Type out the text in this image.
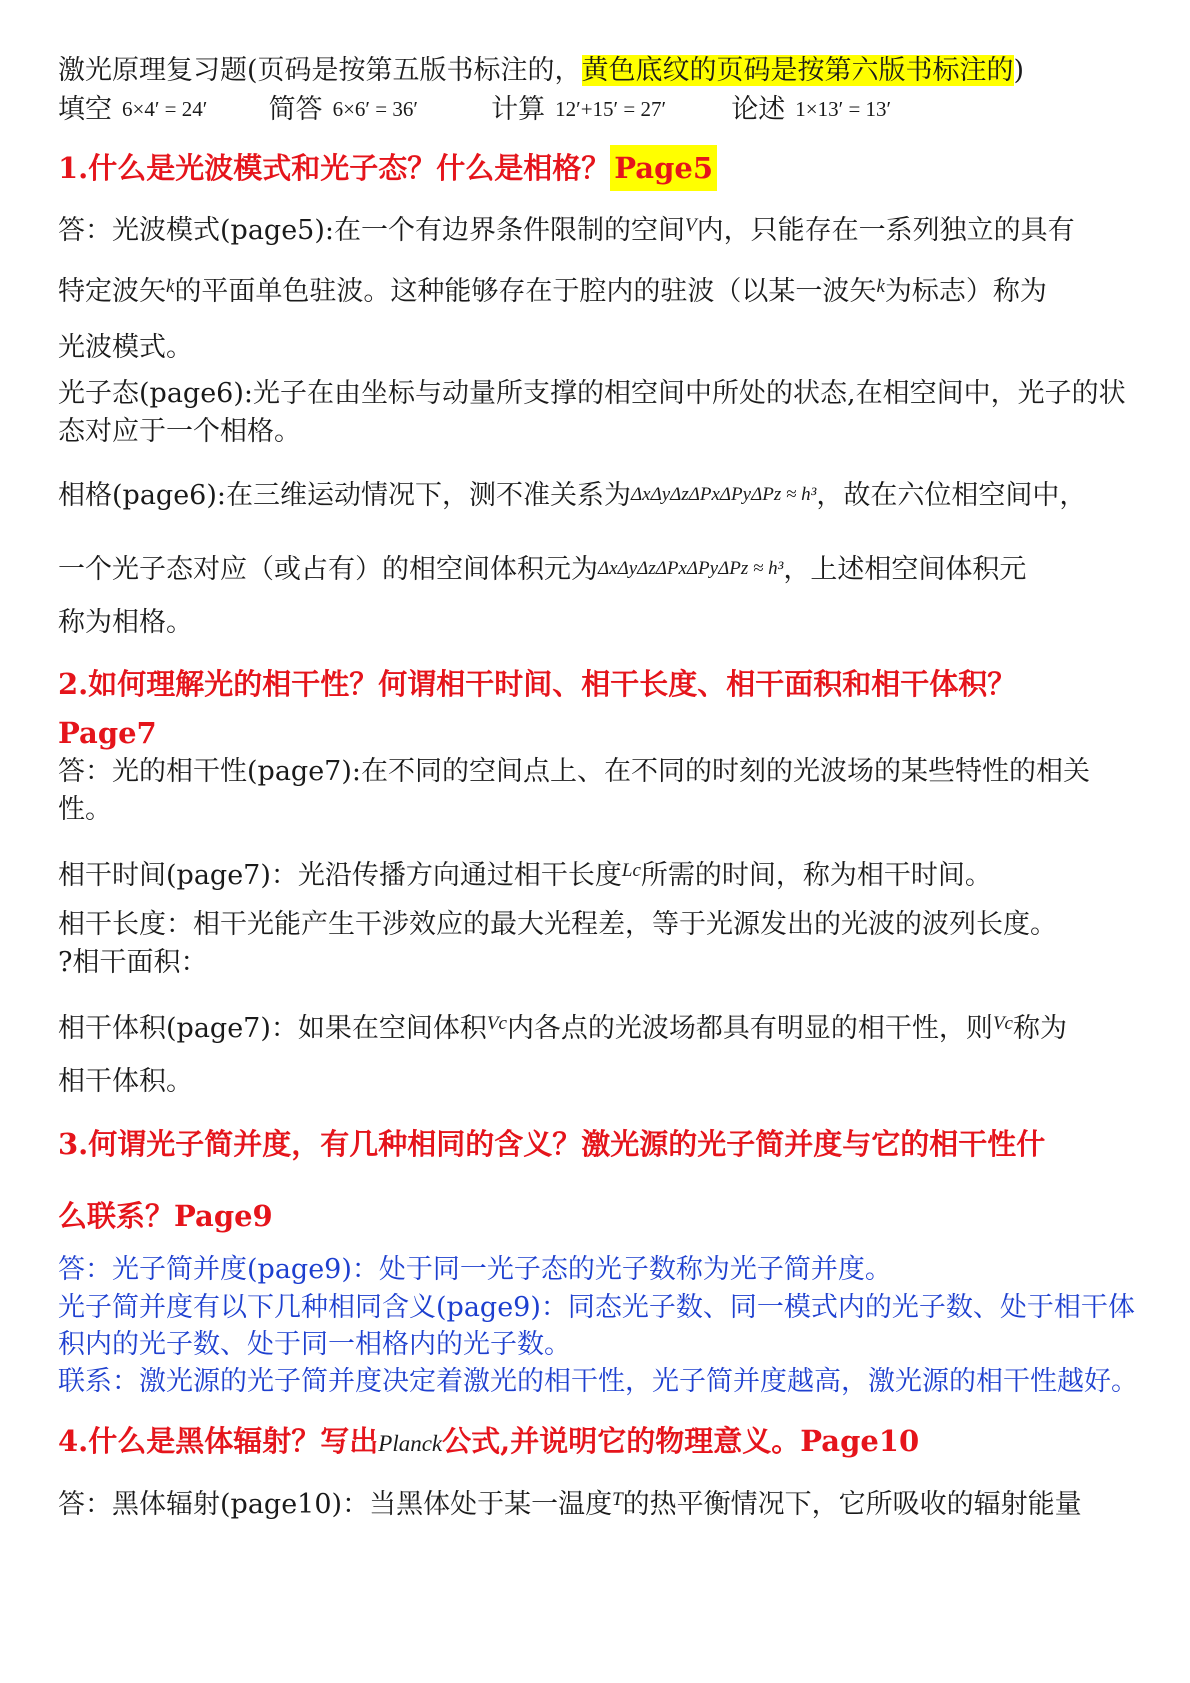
激光原理复习题(页码是按第五版书标注的，黄色底纹的页码是按第六版书标注的)
填空 6×4′ = 24′ 简答 6×6′ = 36′	计算 12′+15′ = 27′ 论述 1×13′ = 13′
1.什么是光波模式和光子态？什么是相格？ Page5
答：光波模式(page5):在一个有边界条件限制的空间$^V$内，只能存在一系列独立的具有
特定波矢$^k$的平面单色驻波。这种能够存在于腔内的驻波（以某一波矢$^k$为标志）称为
光波模式。
光子态(page6):光子在由坐标与动量所支撑的相空间中所处的状态,在相空间中，光子的状态对应于一个相格。
相格(page6):在三维运动情况下，测不准关系为ΔxΔyΔzΔPxΔPyΔPz ≈ h³，故在六位相空间中，
一个光子态对应（或占有）的相空间体积元为ΔxΔyΔzΔPxΔPyΔPz ≈ h³，上述相空间体积元
称为相格。
2.如何理解光的相干性？何谓相干时间、相干长度、相干面积和相干体积？
Page7
答：光的相干性(page7):在不同的空间点上、在不同的时刻的光波场的某些特性的相关性。
相干时间(page7)：光沿传播方向通过相干长度$^{Lc}$所需的时间，称为相干时间。
相干长度：相干光能产生干涉效应的最大光程差，等于光源发出的光波的波列长度。
?相干面积：
相干体积(page7)：如果在空间体积$^{Vc}$内各点的光波场都具有明显的相干性，则$^{Vc}$称为
相干体积。
3.何谓光子简并度，有几种相同的含义？激光源的光子简并度与它的相干性什
么联系？Page9
答：光子简并度(page9)：处于同一光子态的光子数称为光子简并度。
光子简并度有以下几种相同含义(page9)：同态光子数、同一模式内的光子数、处于相干体积内的光子数、处于同一相格内的光子数。
联系：激光源的光子简并度决定着激光的相干性，光子简并度越高，激光源的相干性越好。
4.什么是黑体辐射？写出Planck公式,并说明它的物理意义。Page10
答：黑体辐射(page10)：当黑体处于某一温度$^T$的热平衡情况下，它所吸收的辐射能量
